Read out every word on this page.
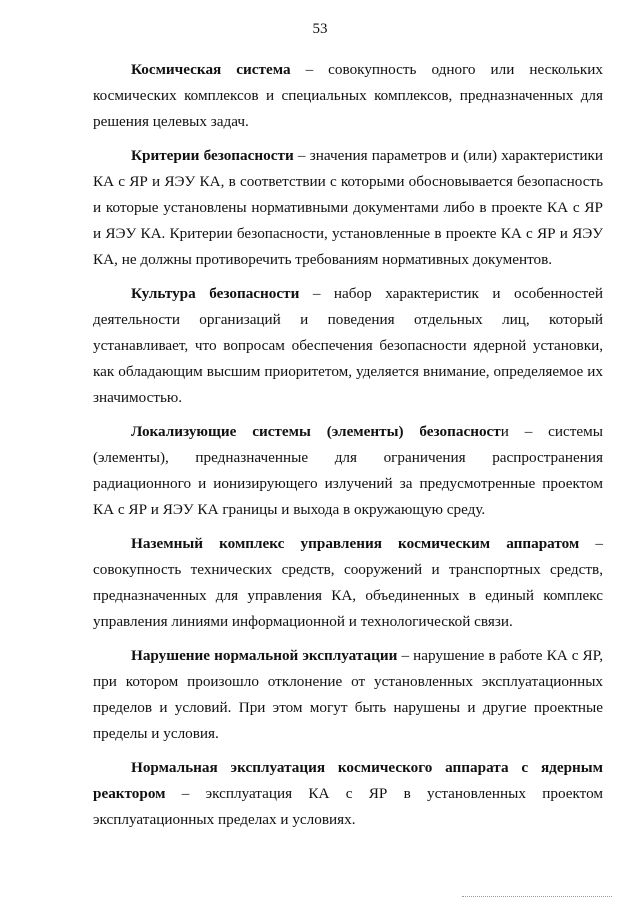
53

Космическая система – совокупность одного или нескольких космических комплексов и специальных комплексов, предназначенных для решения целевых задач.

Критерии безопасности – значения параметров и (или) характеристики КА с ЯР и ЯЭУ КА, в соответствии с которыми обосновывается безопасность и которые установлены нормативными документами либо в проекте КА с ЯР и ЯЭУ КА. Критерии безопасности, установленные в проекте КА с ЯР и ЯЭУ КА, не должны противоречить требованиям нормативных документов.

Культура безопасности – набор характеристик и особенностей деятельности организаций и поведения отдельных лиц, который устанавливает, что вопросам обеспечения безопасности ядерной установки, как обладающим высшим приоритетом, уделяется внимание, определяемое их значимостью.

Локализующие системы (элементы) безопасности – системы (элементы), предназначенные для ограничения распространения радиационного и ионизирующего излучений за предусмотренные проектом КА с ЯР и ЯЭУ КА границы и выхода в окружающую среду.

Наземный комплекс управления космическим аппаратом – совокупность технических средств, сооружений и транспортных средств, предназначенных для управления КА, объединенных в единый комплекс управления линиями информационной и технологической связи.

Нарушение нормальной эксплуатации – нарушение в работе КА с ЯР, при котором произошло отклонение от установленных эксплуатационных пределов и условий. При этом могут быть нарушены и другие проектные пределы и условия.

Нормальная эксплуатация космического аппарата с ядерным реактором – эксплуатация КА с ЯР в установленных проектом эксплуатационных пределах и условиях.
